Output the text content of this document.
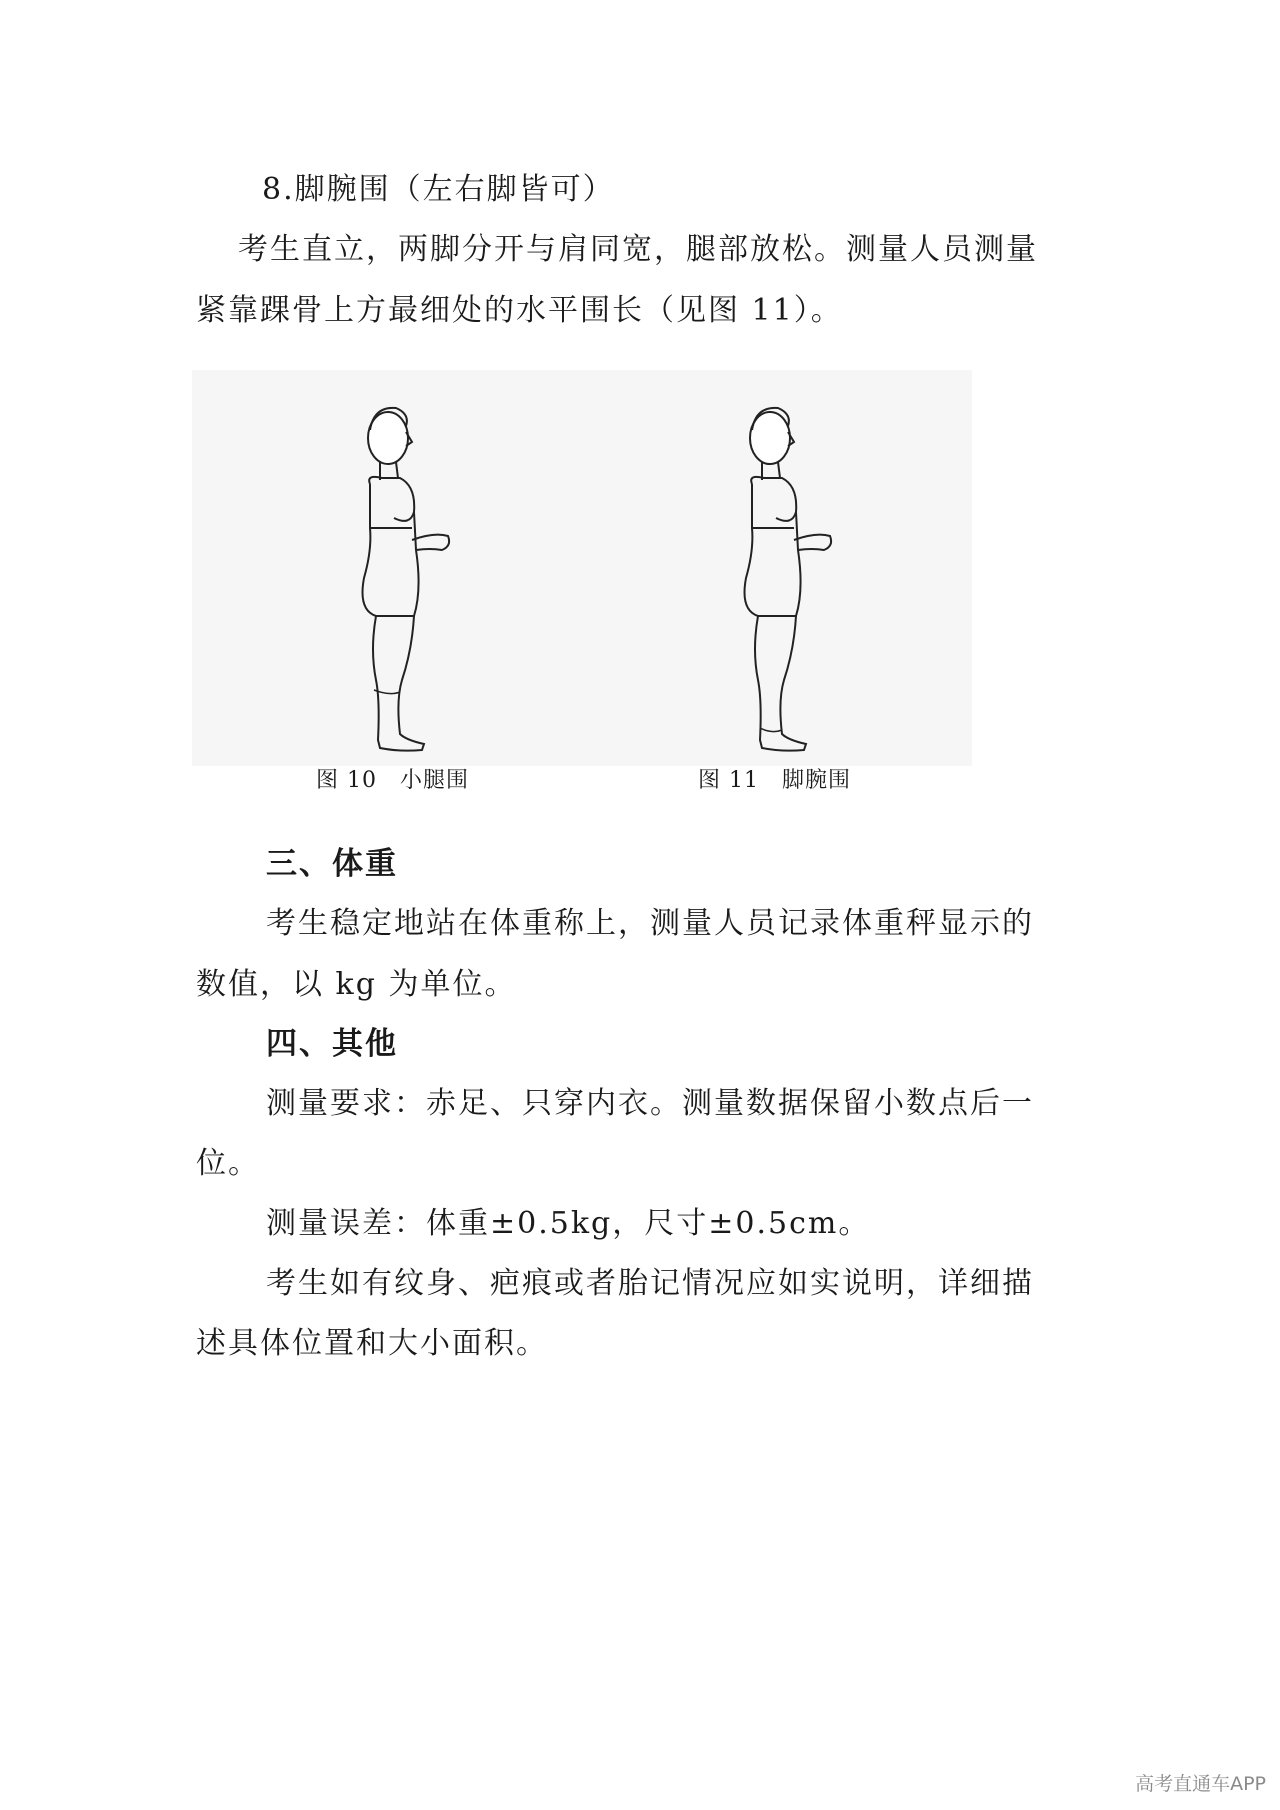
8.脚腕围（左右脚皆可）
考生直立，两脚分开与肩同宽，腿部放松。测量人员测量
紧靠踝骨上方最细处的水平围长（见图 11）。
图 10　小腿围	图 11　脚腕围
三、体重
考生稳定地站在体重称上，测量人员记录体重秤显示的
数值，以 kg 为单位。
四、其他
测量要求：赤足、只穿内衣。测量数据保留小数点后一
位。
测量误差：体重±0.5kg，尺寸±0.5cm。
考生如有纹身、疤痕或者胎记情况应如实说明，详细描
述具体位置和大小面积。
高考直通车APP
